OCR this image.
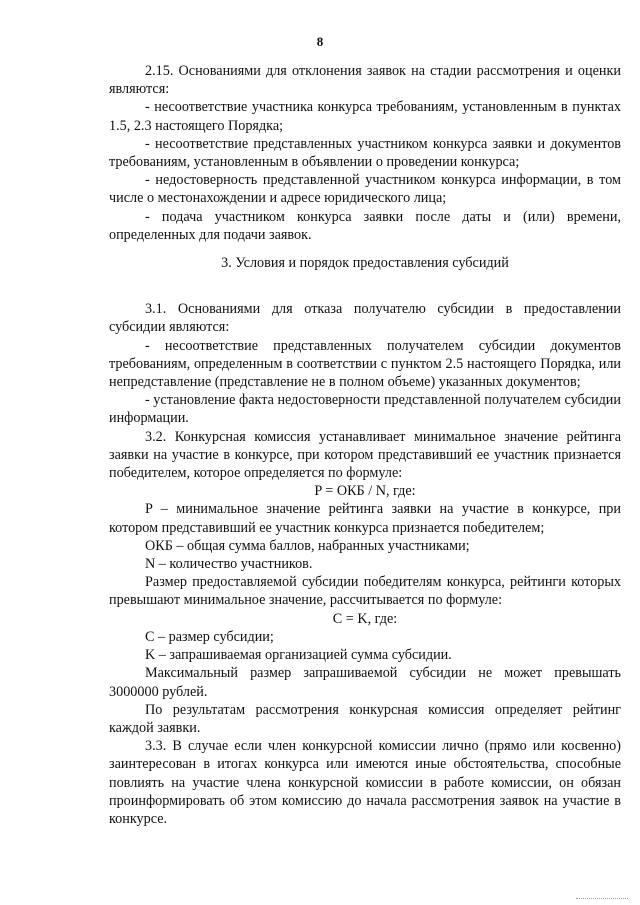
8

2.15. Основаниями для отклонения заявок на стадии рассмотрения и оценки являются:

- несоответствие участника конкурса требованиям, установленным в пунктах 1.5, 2.3 настоящего Порядка;

- несоответствие представленных участником конкурса заявки и документов требованиям, установленным в объявлении о проведении конкурса;

- недостоверность представленной участником конкурса информации, в том числе о местонахождении и адресе юридического лица;

- подача участником конкурса заявки после даты и (или) времени, определенных для подачи заявок.

3. Условия и порядок предоставления субсидий

3.1. Основаниями для отказа получателю субсидии в предоставлении субсидии являются:

- несоответствие представленных получателем субсидии документов требованиям, определенным в соответствии с пунктом 2.5 настоящего Порядка, или непредставление (представление не в полном объеме) указанных документов;

- установление факта недостоверности представленной получателем субсидии информации.

3.2. Конкурсная комиссия устанавливает минимальное значение рейтинга заявки на участие в конкурсе, при котором представивший ее участник признается победителем, которое определяется по формуле:

P = ОКБ / N, где:

P – минимальное значение рейтинга заявки на участие в конкурсе, при котором представивший ее участник конкурса признается победителем;

ОКБ – общая сумма баллов, набранных участниками;

N – количество участников.

Размер предоставляемой субсидии победителям конкурса, рейтинги которых превышают минимальное значение, рассчитывается по формуле:

C = K, где:

C – размер субсидии;

K – запрашиваемая организацией сумма субсидии.

Максимальный размер запрашиваемой субсидии не может превышать 3000000 рублей.

По результатам рассмотрения конкурсная комиссия определяет рейтинг каждой заявки.

3.3. В случае если член конкурсной комиссии лично (прямо или косвенно) заинтересован в итогах конкурса или имеются иные обстоятельства, способные повлиять на участие члена конкурсной комиссии в работе комиссии, он обязан проинформировать об этом комиссию до начала рассмотрения заявок на участие в конкурсе.
